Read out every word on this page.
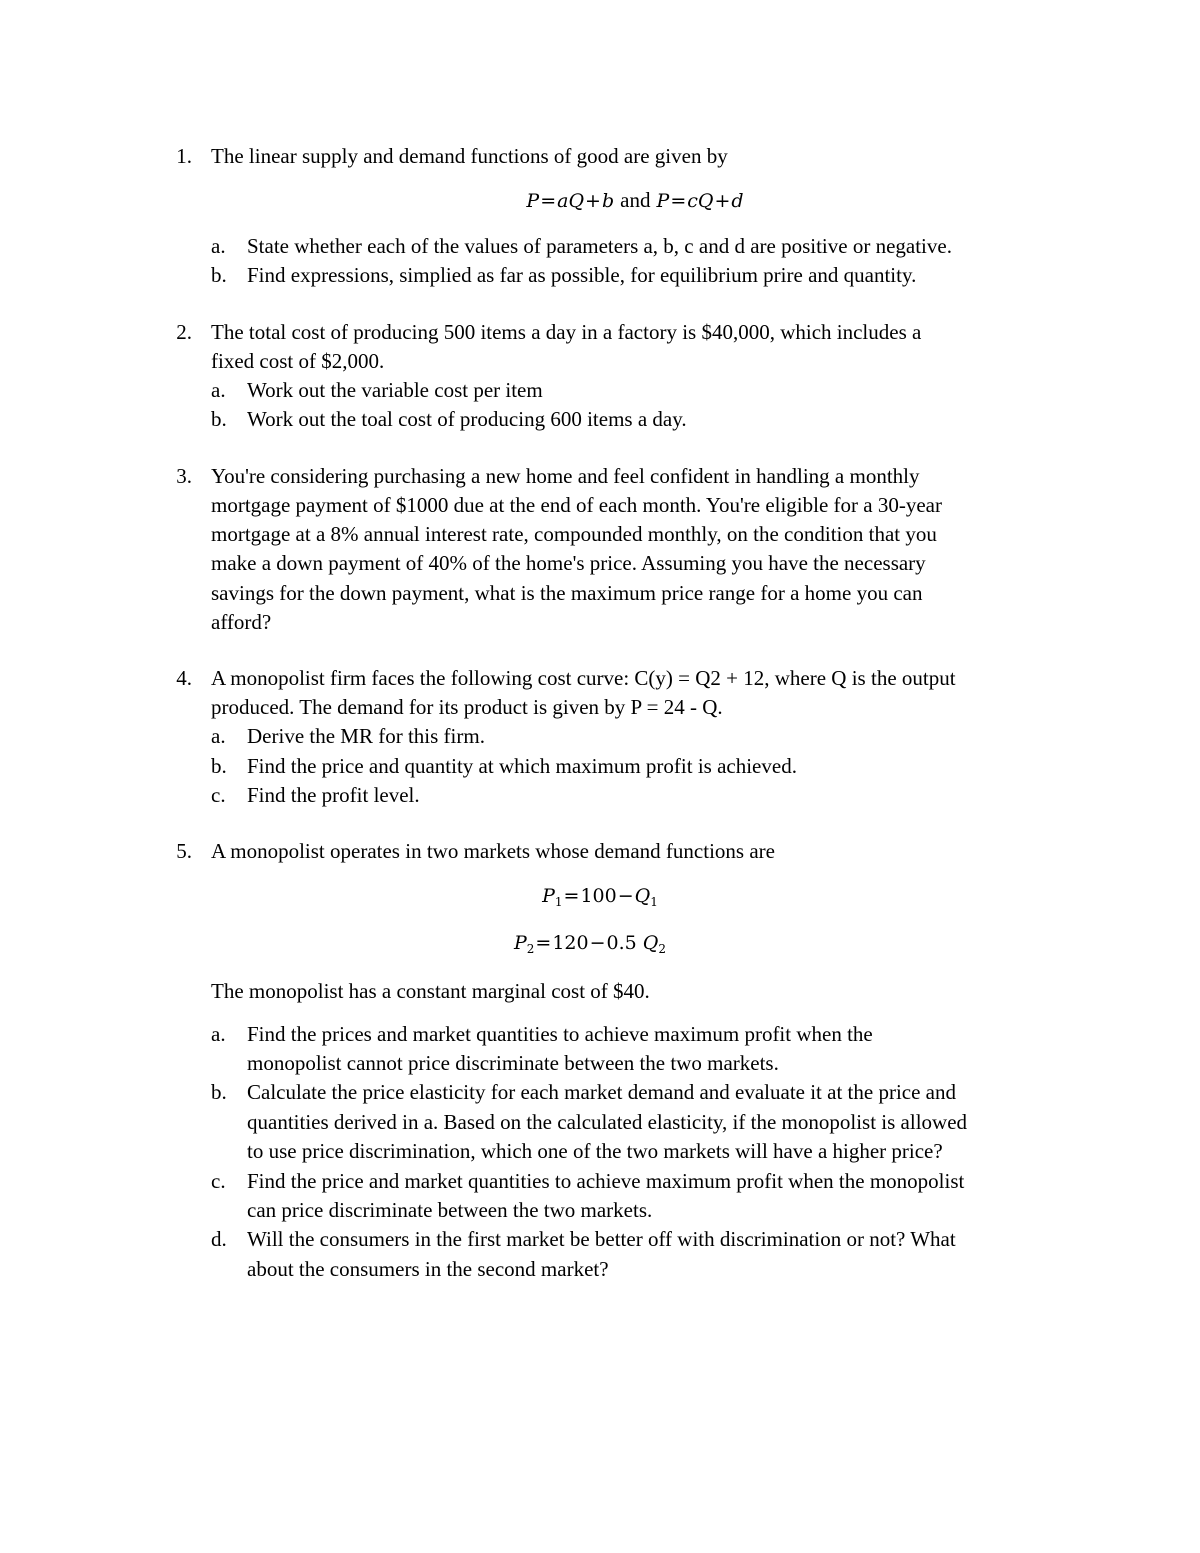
1. The linear supply and demand functions of good are given by
P=aQ+b and P=cQ+d
a. State whether each of the values of parameters a, b, c and d are positive or negative.
b. Find expressions, simplied as far as possible, for equilibrium prire and quantity.
2. The total cost of producing 500 items a day in a factory is $40,000, which includes a
fixed cost of $2,000.
a. Work out the variable cost per item
b. Work out the toal cost of producing 600 items a day.
3. You're considering purchasing a new home and feel confident in handling a monthly
mortgage payment of $1000 due at the end of each month. You're eligible for a 30-year
mortgage at a 8% annual interest rate, compounded monthly, on the condition that you
make a down payment of 40% of the home's price. Assuming you have the necessary
savings for the down payment, what is the maximum price range for a home you can
afford?
4. A monopolist firm faces the following cost curve: C(y) = Q2 + 12, where Q is the output
produced. The demand for its product is given by P = 24 - Q.
a. Derive the MR for this firm.
b. Find the price and quantity at which maximum profit is achieved.
c. Find the profit level.
5. A monopolist operates in two markets whose demand functions are
$P_1=100-Q_1$
$P_2=120-0.5$ $Q_2$
The monopolist has a constant marginal cost of $40.
a. Find the prices and market quantities to achieve maximum profit when the
monopolist cannot price discriminate between the two markets.
b. Calculate the price elasticity for each market demand and evaluate it at the price and
quantities derived in a. Based on the calculated elasticity, if the monopolist is allowed
to use price discrimination, which one of the two markets will have a higher price?
c. Find the price and market quantities to achieve maximum profit when the monopolist
can price discriminate between the two markets.
d. Will the consumers in the first market be better off with discrimination or not? What
about the consumers in the second market?
